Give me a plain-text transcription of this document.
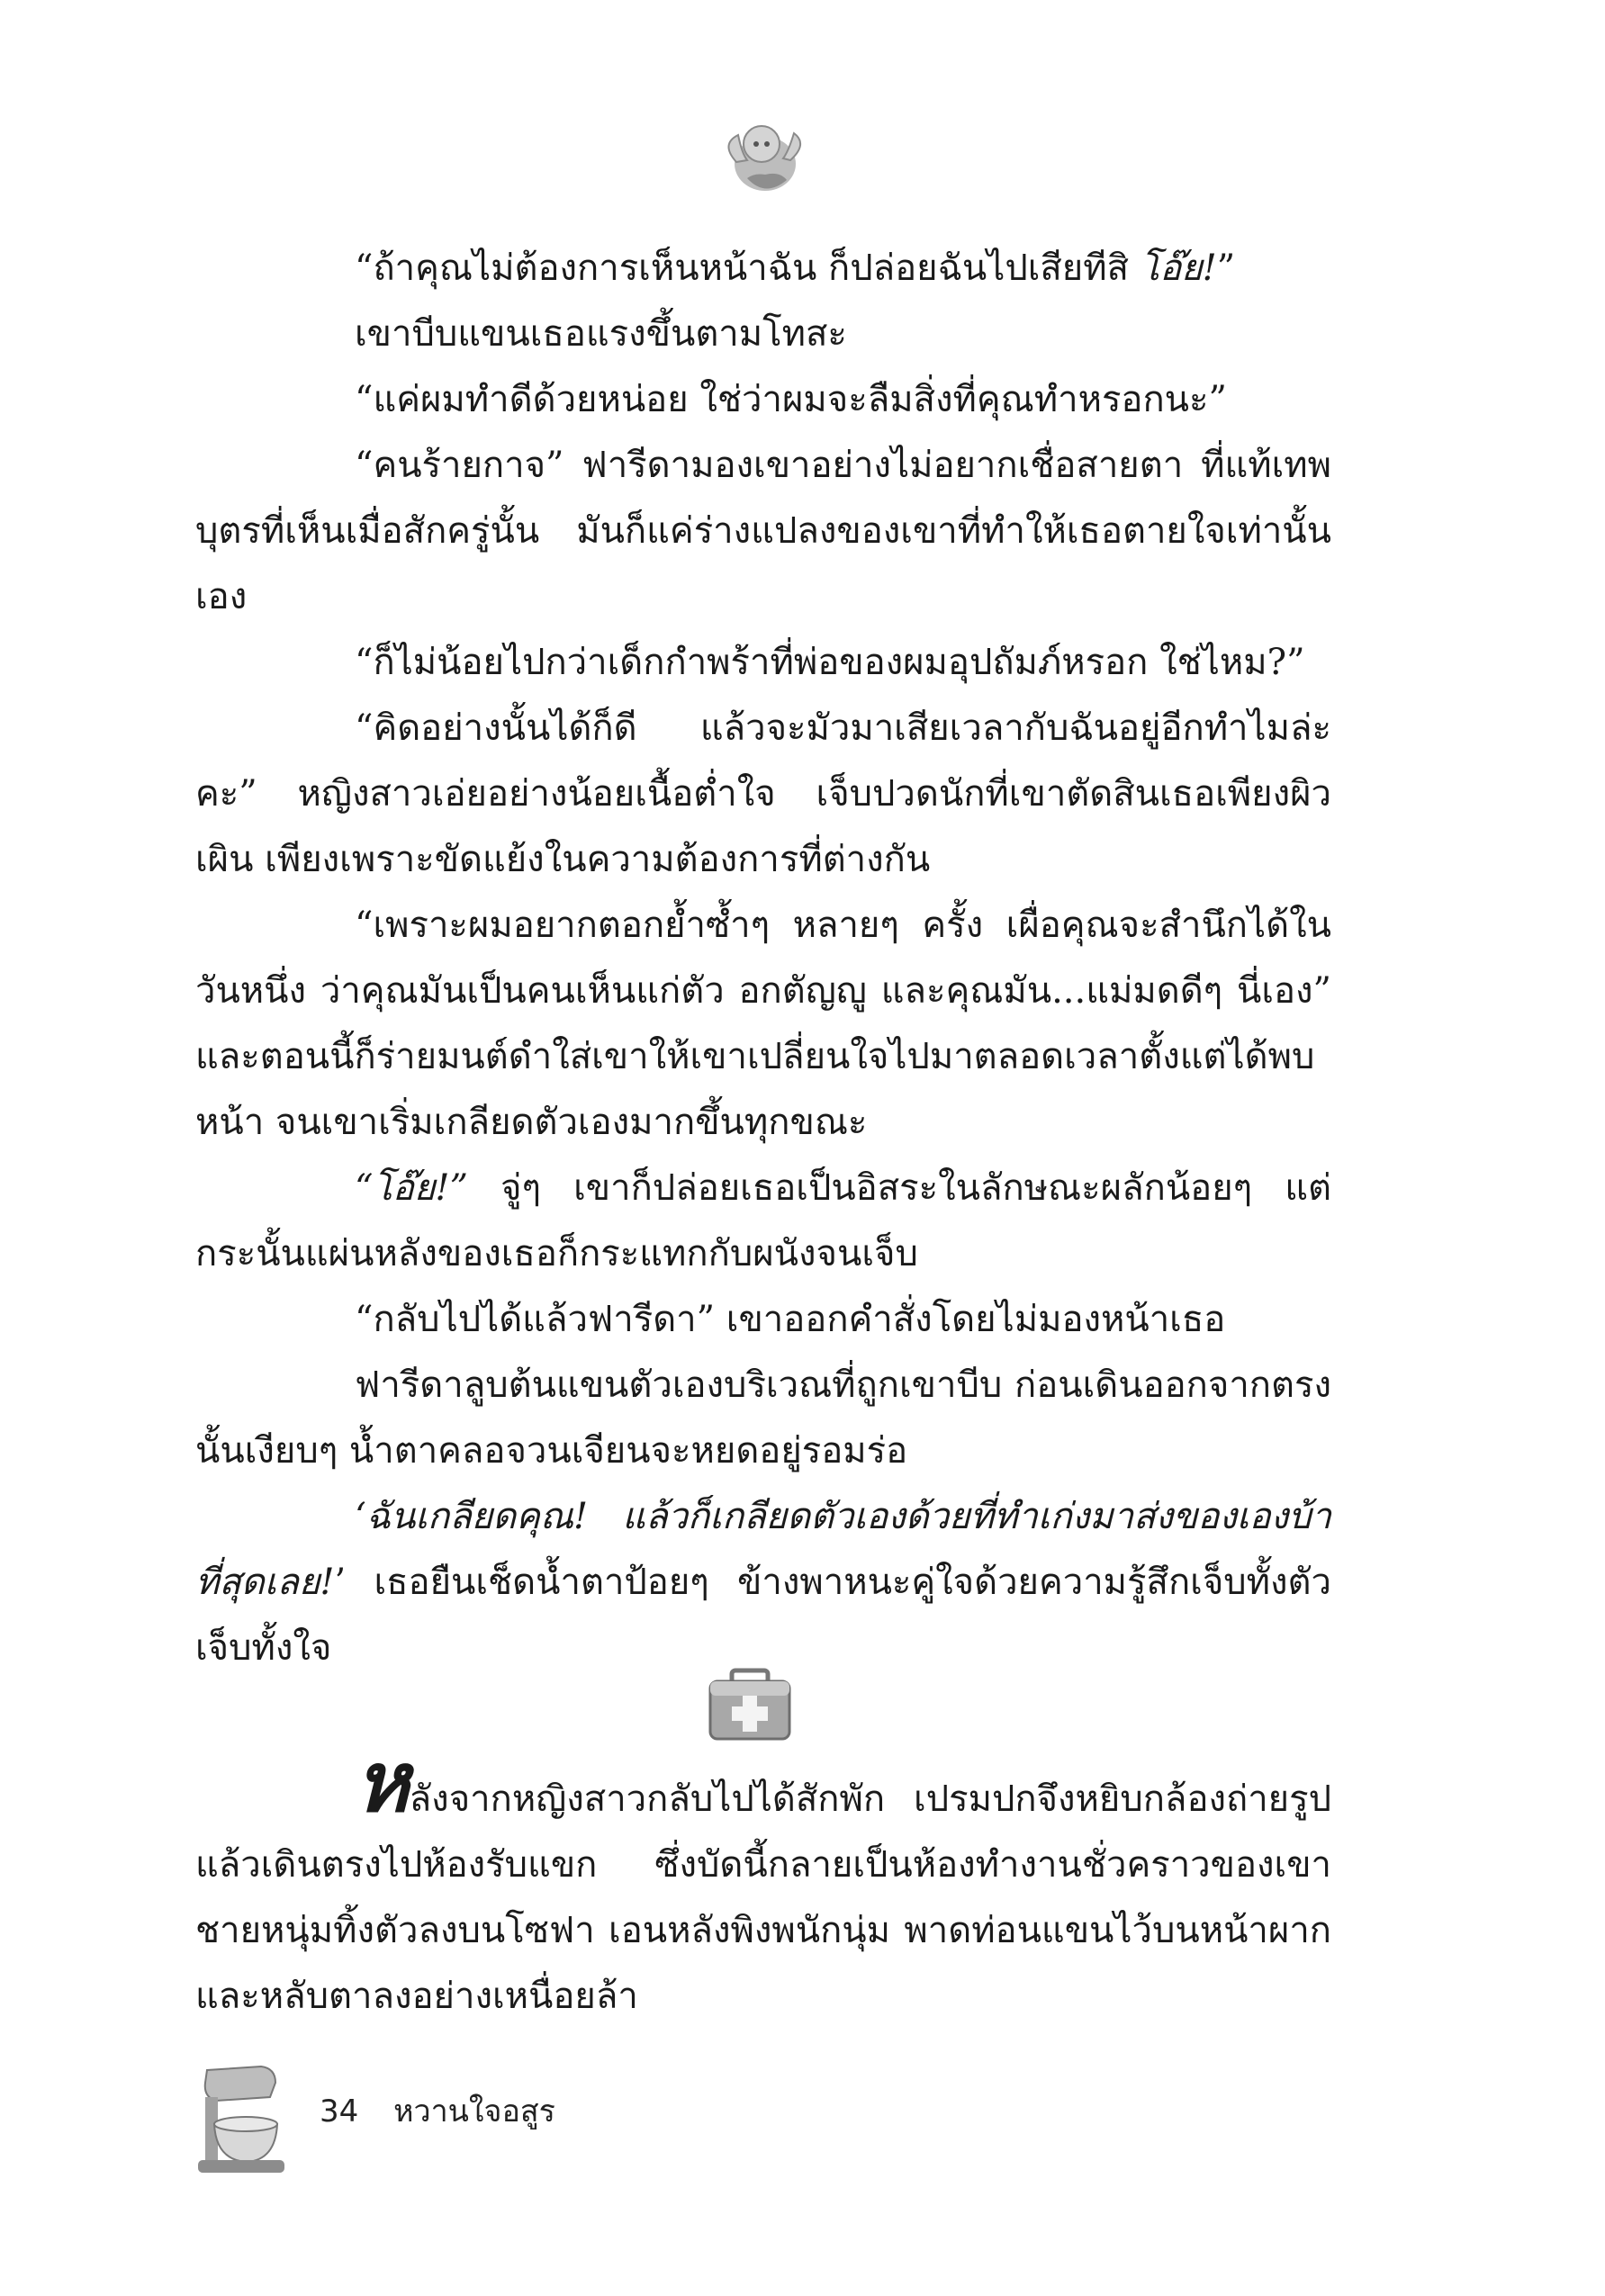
“ถ้าคุณไม่ต้องการเห็นหน้าฉัน ก็ปล่อยฉันไปเสียทีสิ โอ๊ย!”

เขาบีบแขนเธอแรงขึ้นตามโทสะ

“แค่ผมทำดีด้วยหน่อย ใช่ว่าผมจะลืมสิ่งที่คุณทำหรอกนะ”

“คนร้ายกาจ” ฟารีดามองเขาอย่างไม่อยากเชื่อสายตา ที่แท้เทพบุตรที่เห็นเมื่อสักครู่นั้น มันก็แค่ร่างแปลงของเขาที่ทำให้เธอตายใจเท่านั้นเอง

“ก็ไม่น้อยไปกว่าเด็กกำพร้าที่พ่อของผมอุปถัมภ์หรอก ใช่ไหม?”

“คิดอย่างนั้นได้ก็ดี แล้วจะมัวมาเสียเวลากับฉันอยู่อีกทำไมล่ะคะ” หญิงสาวเอ่ยอย่างน้อยเนื้อต่ำใจ เจ็บปวดนักที่เขาตัดสินเธอเพียงผิวเผิน เพียงเพราะขัดแย้งในความต้องการที่ต่างกัน

“เพราะผมอยากตอกย้ำซ้ำๆ หลายๆ ครั้ง เผื่อคุณจะสำนึกได้ในวันหนึ่ง ว่าคุณมันเป็นคนเห็นแก่ตัว อกตัญญู และคุณมัน...แม่มดดีๆ นี่เอง” และตอนนี้ก็ร่ายมนต์ดำใส่เขาให้เขาเปลี่ยนใจไปมาตลอดเวลาตั้งแต่ได้พบหน้า จนเขาเริ่มเกลียดตัวเองมากขึ้นทุกขณะ

“โอ๊ย!” จู่ๆ เขาก็ปล่อยเธอเป็นอิสระในลักษณะผลักน้อยๆ แต่กระนั้นแผ่นหลังของเธอก็กระแทกกับผนังจนเจ็บ

“กลับไปได้แล้วฟารีดา” เขาออกคำสั่งโดยไม่มองหน้าเธอ

ฟารีดาลูบต้นแขนตัวเองบริเวณที่ถูกเขาบีบ ก่อนเดินออกจากตรงนั้นเงียบๆ น้ำตาคลอจวนเจียนจะหยดอยู่รอมร่อ

‘ฉันเกลียดคุณ! แล้วก็เกลียดตัวเองด้วยที่ทำเก่งมาส่งของเองบ้าที่สุดเลย!’ เธอยืนเช็ดน้ำตาป้อยๆ ข้างพาหนะคู่ใจด้วยความรู้สึกเจ็บทั้งตัวเจ็บทั้งใจ

หลังจากหญิงสาวกลับไปได้สักพัก เปรมปกจึงหยิบกล้องถ่ายรูปแล้วเดินตรงไปห้องรับแขก ซึ่งบัดนี้กลายเป็นห้องทำงานชั่วคราวของเขา ชายหนุ่มทิ้งตัวลงบนโซฟา เอนหลังพิงพนักนุ่ม พาดท่อนแขนไว้บนหน้าผาก และหลับตาลงอย่างเหนื่อยล้า
34 หวานใจอสูร
